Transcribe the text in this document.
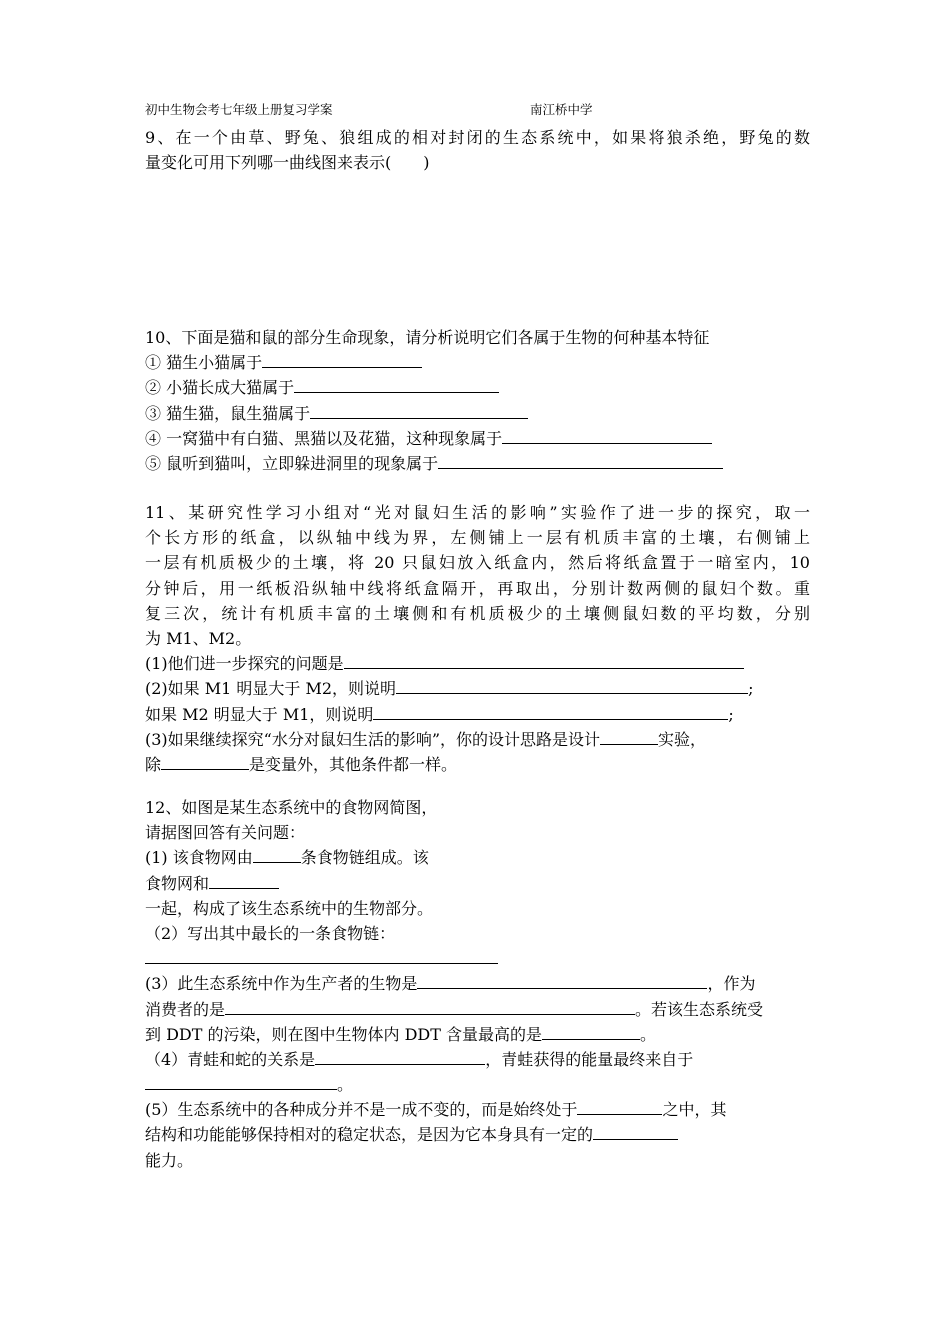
初中生物会考七年级上册复习学案	南江桥中学
9、在一个由草、野兔、狼组成的相对封闭的生态系统中，如果将狼杀绝，野兔的数
量变化可用下列哪一曲线图来表示(　　)
10、下面是猫和鼠的部分生命现象，请分析说明它们各属于生物的何种基本特征
① 猫生小猫属于
② 小猫长成大猫属于
③ 猫生猫，鼠生猫属于
④ 一窝猫中有白猫、黑猫以及花猫，这种现象属于
⑤ 鼠听到猫叫，立即躲进洞里的现象属于
11、某研究性学习小组对“光对鼠妇生活的影响”实验作了进一步的探究，取一
个长方形的纸盒，以纵轴中线为界，左侧铺上一层有机质丰富的土壤，右侧铺上
一层有机质极少的土壤，将 20 只鼠妇放入纸盒内，然后将纸盒置于一暗室内，10
分钟后，用一纸板沿纵轴中线将纸盒隔开，再取出，分别计数两侧的鼠妇个数。重
复三次，统计有机质丰富的土壤侧和有机质极少的土壤侧鼠妇数的平均数，分别
为 M1、M2。
(1)他们进一步探究的问题是
(2)如果 M1 明显大于 M2，则说明	;
如果 M2 明显大于 M1，则说明	;
(3)如果继续探究“水分对鼠妇生活的影响”，你的设计思路是设计	实验，
除	是变量外，其他条件都一样。
12、如图是某生态系统中的食物网简图，
请据图回答有关问题：
(1) 该食物网由	条食物链组成。该
食物网和
一起，构成了该生态系统中的生物部分。
（2）写出其中最长的一条食物链：
(3）此生态系统中作为生产者的生物是	，作为
消费者的是	。若该生态系统受
到 DDT 的污染，则在图中生物体内 DDT 含量最高的是	。
（4）青蛙和蛇的关系是	，青蛙获得的能量最终来自于
。
(5）生态系统中的各种成分并不是一成不变的，而是始终处于	之中，其
结构和功能能够保持相对的稳定状态，是因为它本身具有一定的
能力。
